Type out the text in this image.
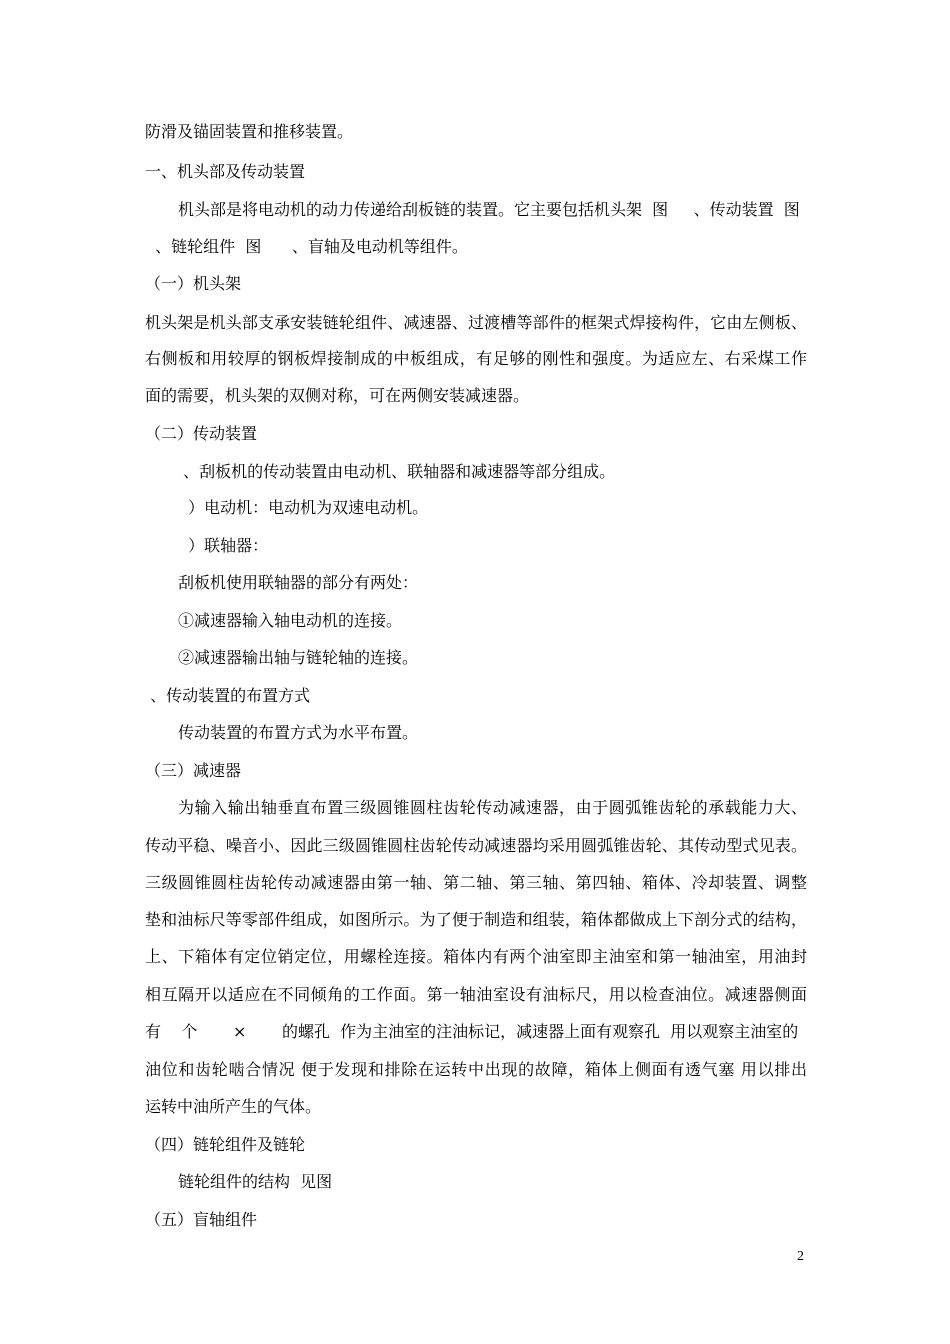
防滑及锚固装置和推移装置。
一、机头部及传动装置
机头部是将电动机的动力传递给刮板链的装置。它主要包括机头架  图     、传动装置  图
、链轮组件  图      、盲轴及电动机等组件。
（一）机头架
机头架是机头部支承安装链轮组件、减速器、过渡槽等部件的框架式焊接构件，它由左侧板、
右侧板和用较厚的钢板焊接制成的中板组成，有足够的刚性和强度。为适应左、右采煤工作
面的需要，机头架的双侧对称，可在两侧安装减速器。
（二）传动装置
、刮板机的传动装置由电动机、联轴器和减速器等部分组成。
）电动机：电动机为双速电动机。
）联轴器：
刮板机使用联轴器的部分有两处：
①减速器输入轴电动机的连接。
②减速器输出轴与链轮轴的连接。
、传动装置的布置方式
传动装置的布置方式为水平布置。
（三）减速器
为输入输出轴垂直布置三级圆锥圆柱齿轮传动减速器，由于圆弧锥齿轮的承载能力大、
传动平稳、噪音小、因此三级圆锥圆柱齿轮传动减速器均采用圆弧锥齿轮、其传动型式见表。
三级圆锥圆柱齿轮传动减速器由第一轴、第二轴、第三轴、第四轴、箱体、冷却装置、调整
垫和油标尺等零部件组成，如图所示。为了便于制造和组装，箱体都做成上下剖分式的结构，
上、下箱体有定位销定位，用螺栓连接。箱体内有两个油室即主油室和第一轴油室，用油封
相互隔开以适应在不同倾角的工作面。第一轴油室设有油标尺，用以检查油位。减速器侧面
有    个       ×       的螺孔  作为主油室的注油标记，减速器上面有观察孔  用以观察主油室的
油位和齿轮啮合情况 便于发现和排除在运转中出现的故障，箱体上侧面有透气塞 用以排出
运转中油所产生的气体。
（四）链轮组件及链轮
链轮组件的结构  见图
（五）盲轴组件
2
